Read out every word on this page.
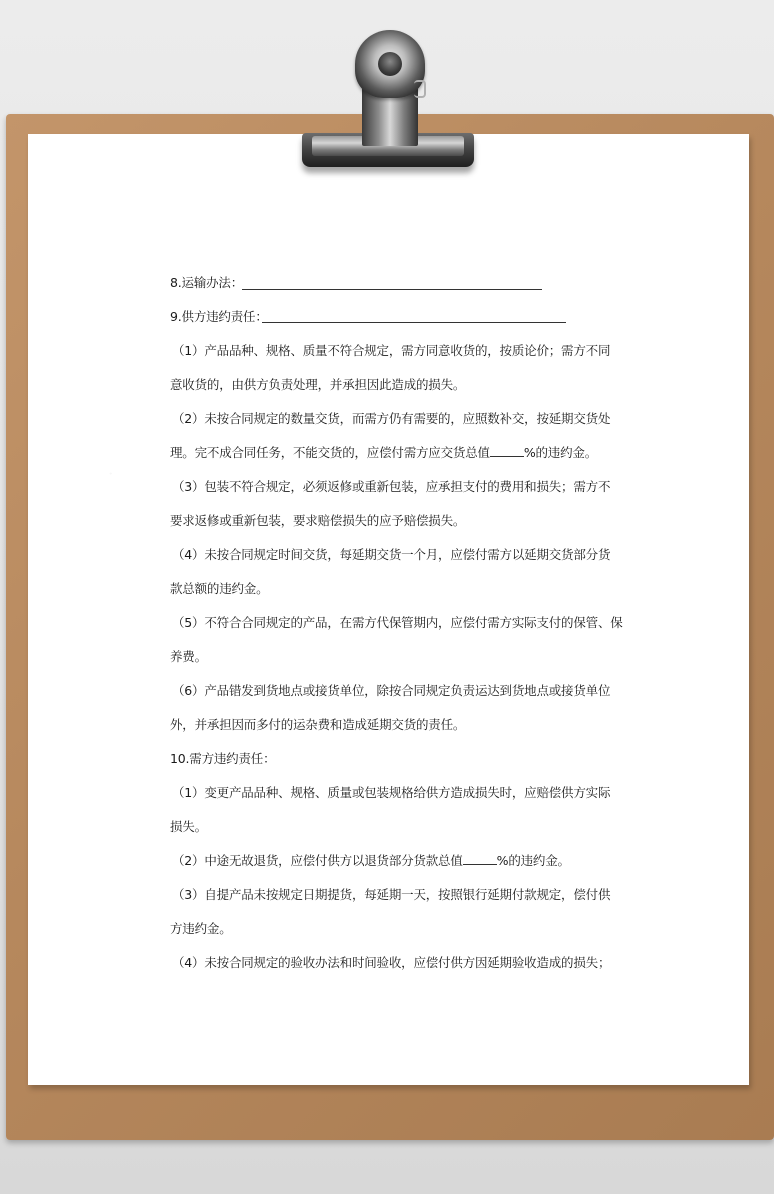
·
8.运输办法：
9.供方违约责任：
（1）产品品种、规格、质量不符合规定，需方同意收货的，按质论价；需方不同
意收货的，由供方负责处理，并承担因此造成的损失。
（2）未按合同规定的数量交货，而需方仍有需要的，应照数补交，按延期交货处
理。完不成合同任务，不能交货的，应偿付需方应交货总值	%的违约金。
（3）包装不符合规定，必须返修或重新包装，应承担支付的费用和损失；需方不
要求返修或重新包装，要求赔偿损失的应予赔偿损失。
（4）未按合同规定时间交货，每延期交货一个月，应偿付需方以延期交货部分货
款总额的违约金。
（5）不符合合同规定的产品，在需方代保管期内，应偿付需方实际支付的保管、保
养费。
（6）产品错发到货地点或接货单位，除按合同规定负责运达到货地点或接货单位
外，并承担因而多付的运杂费和造成延期交货的责任。
10.需方违约责任：
（1）变更产品品种、规格、质量或包装规格给供方造成损失时，应赔偿供方实际
损失。
（2）中途无故退货，应偿付供方以退货部分货款总值	%的违约金。
（3）自提产品未按规定日期提货，每延期一天，按照银行延期付款规定，偿付供
方违约金。
（4）未按合同规定的验收办法和时间验收，应偿付供方因延期验收造成的损失；
